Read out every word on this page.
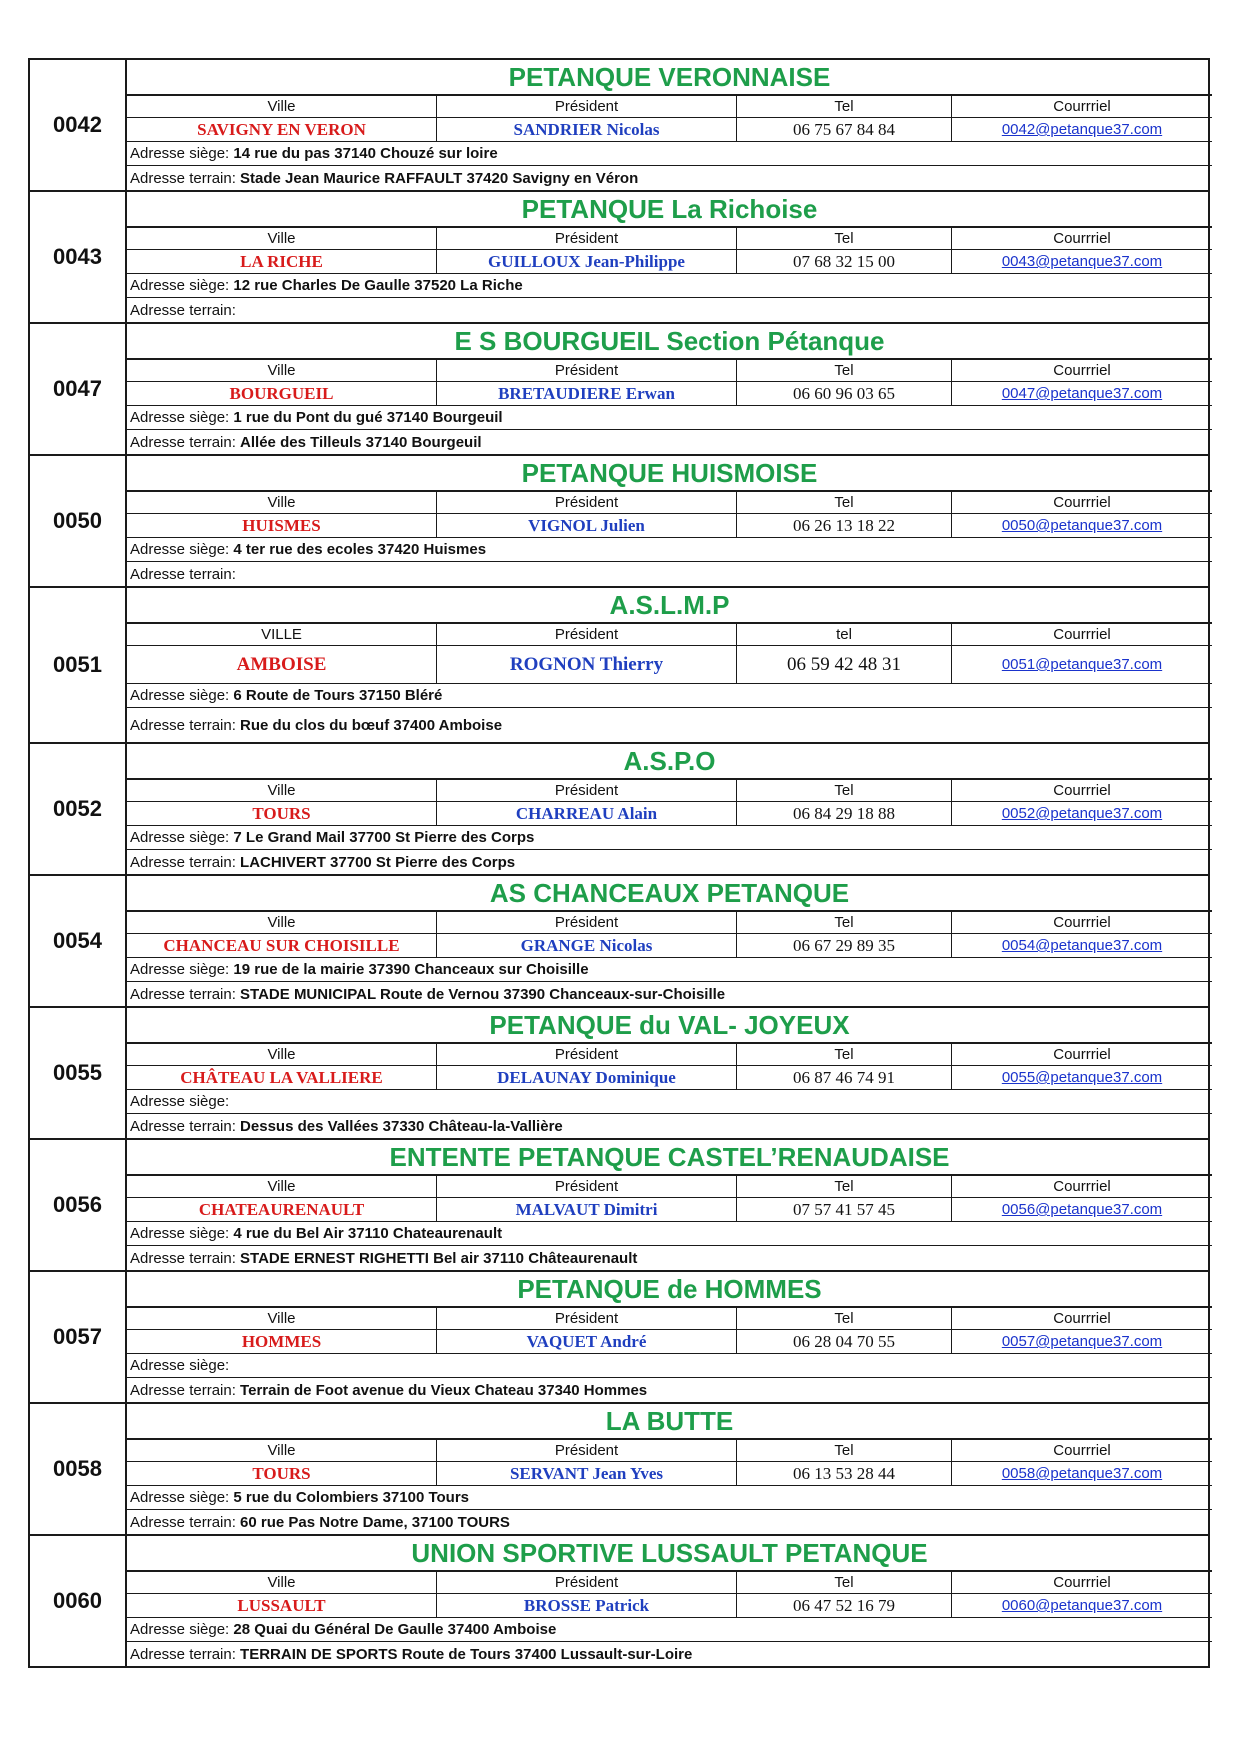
0042
PETANQUE VERONNAISE
Ville	Président	Tel	Courrriel
SAVIGNY EN VERON	SANDRIER Nicolas	06 75 67 84 84	0042@petanque37.com
Adresse siège: 14 rue du pas 37140 Chouzé sur loire
Adresse terrain: Stade Jean Maurice RAFFAULT 37420 Savigny en Véron
0043
PETANQUE La Richoise
Ville	Président	Tel	Courrriel
LA RICHE	GUILLOUX Jean-Philippe	07 68 32 15 00	0043@petanque37.com
Adresse siège: 12 rue Charles De Gaulle 37520 La Riche
Adresse terrain:
0047
E S BOURGUEIL Section Pétanque
Ville	Président	Tel	Courrriel
BOURGUEIL	BRETAUDIERE Erwan	06 60 96 03 65	0047@petanque37.com
Adresse siège: 1 rue du Pont du gué 37140 Bourgeuil
Adresse terrain: Allée des Tilleuls 37140 Bourgeuil
0050
PETANQUE HUISMOISE
Ville	Président	Tel	Courrriel
HUISMES	VIGNOL Julien	06 26 13 18 22	0050@petanque37.com
Adresse siège: 4 ter rue des ecoles 37420 Huismes
Adresse terrain:
0051
A.S.L.M.P
VILLE	Président	tel	Courrriel
AMBOISE	ROGNON Thierry	06 59 42 48 31	0051@petanque37.com
Adresse siège: 6 Route de Tours 37150 Bléré
Adresse terrain: Rue du clos du bœuf 37400 Amboise
0052
A.S.P.O
Ville	Président	Tel	Courrriel
TOURS	CHARREAU Alain	06 84 29 18 88	0052@petanque37.com
Adresse siège: 7 Le Grand Mail 37700 St Pierre des Corps
Adresse terrain: LACHIVERT 37700 St Pierre des Corps
0054
AS CHANCEAUX PETANQUE
Ville	Président	Tel	Courrriel
CHANCEAU SUR CHOISILLE	GRANGE Nicolas	06 67 29 89 35	0054@petanque37.com
Adresse siège: 19 rue de la mairie 37390 Chanceaux sur Choisille
Adresse terrain: STADE MUNICIPAL Route de Vernou 37390 Chanceaux-sur-Choisille
0055
PETANQUE du VAL- JOYEUX
Ville	Président	Tel	Courrriel
CHÂTEAU LA VALLIERE	DELAUNAY Dominique	06 87 46 74 91	0055@petanque37.com
Adresse siège:
Adresse terrain: Dessus des Vallées 37330 Château-la-Vallière
0056
ENTENTE PETANQUE CASTEL’RENAUDAISE
Ville	Président	Tel	Courrriel
CHATEAURENAULT	MALVAUT Dimitri	07 57 41 57 45	0056@petanque37.com
Adresse siège: 4 rue du Bel Air 37110 Chateaurenault
Adresse terrain: STADE ERNEST RIGHETTI Bel air 37110 Châteaurenault
0057
PETANQUE de HOMMES
Ville	Président	Tel	Courrriel
HOMMES	VAQUET André	06 28 04 70 55	0057@petanque37.com
Adresse siège:
Adresse terrain: Terrain de Foot avenue du Vieux Chateau 37340 Hommes
0058
LA BUTTE
Ville	Président	Tel	Courrriel
TOURS	SERVANT Jean Yves	06 13 53 28 44	0058@petanque37.com
Adresse siège: 5 rue du Colombiers 37100 Tours
Adresse terrain: 60 rue Pas Notre Dame, 37100 TOURS
0060
UNION SPORTIVE LUSSAULT PETANQUE
Ville	Président	Tel	Courrriel
LUSSAULT	BROSSE Patrick	06 47 52 16 79	0060@petanque37.com
Adresse siège: 28 Quai du Général De Gaulle 37400 Amboise
Adresse terrain: TERRAIN DE SPORTS Route de Tours 37400 Lussault-sur-Loire
